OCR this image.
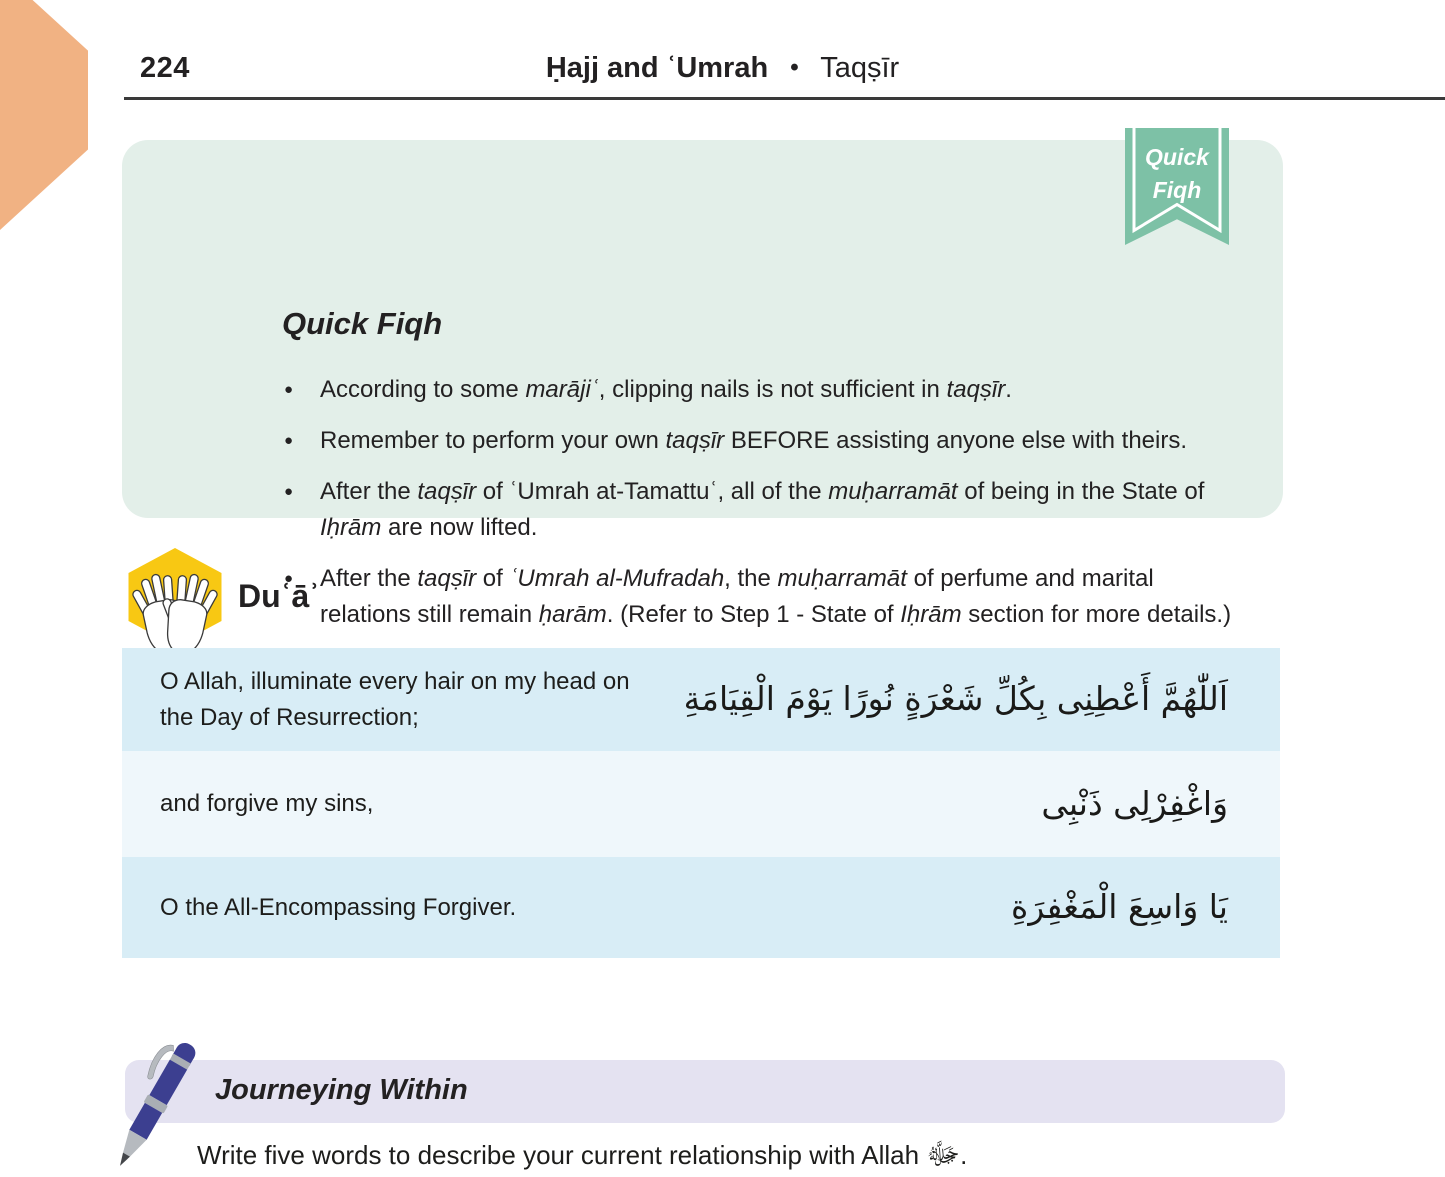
224	Ḥajj and ʿUmrah • Taqṣīr
Quick Fiqh
● According to some marājiʿ, clipping nails is not sufficient in taqṣīr.
● Remember to perform your own taqṣīr BEFORE assisting anyone else with theirs.
● After the taqṣīr of ʿUmrah at-Tamattuʿ, all of the muḥarramāt of being in the State of
Iḥrām are now lifted.
● After the taqṣīr of ʿUmrah al-Mufradah, the muḥarramāt of perfume and marital
relations still remain ḥarām. (Refer to Step 1 - State of Iḥrām section for more details.)
Quick
Fiqh
Duʿāʾ
O Allah, illuminate every hair on my head on the Day of Resurrection;	اَللّٰهُمَّ أَعْطِنِى بِكُلِّ شَعْرَةٍ نُورًا يَوْمَ الْقِيَامَةِ
and forgive my sins,	وَاغْفِرْلِى ذَنْبِى
O the All-Encompassing Forgiver.	يَا وَاسِعَ الْمَغْفِرَةِ
Journeying Within

Write five words to describe your current relationship with Allah ﷻ.
